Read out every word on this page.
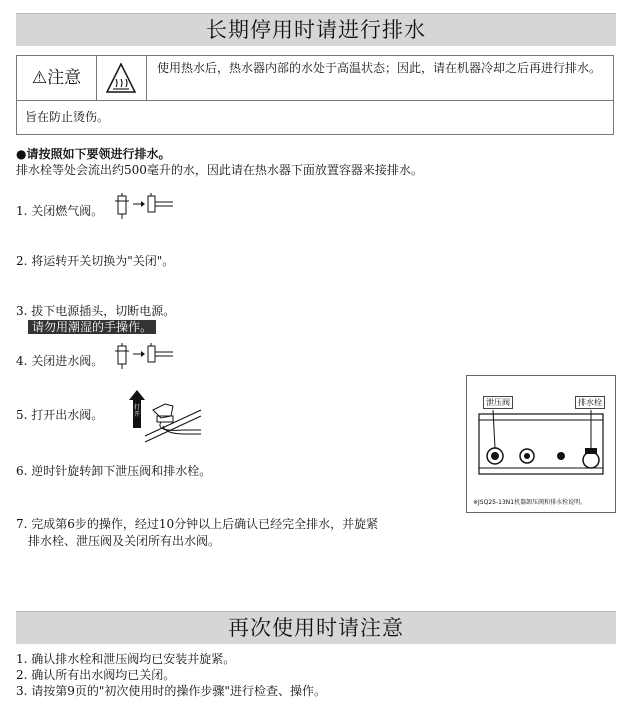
长期停用时请进行排水
⚠注意	使用热水后，热水器内部的水处于高温状态；因此，请在机器冷却之后再进行排水。
旨在防止烫伤。
●请按照如下要领进行排水。
排水栓等处会流出约500毫升的水，因此请在热水器下面放置容器来接排水。
1. 关闭燃气阀。
2. 将运转开关切换为"关闭"。
3. 拔下电源插头，切断电源。
请勿用潮湿的手操作。
4. 关闭进水阀。
5. 打开出水阀。
打开
6. 逆时针旋转卸下泄压阀和排水栓。
7. 完成第6步的操作，经过10分钟以上后确认已经完全排水，并旋紧
排水栓、泄压阀及关闭所有出水阀。
泄压阀	排水栓
※JSQ25-13N1机器卸压阀和排水栓说明。
再次使用时请注意
1. 确认排水栓和泄压阀均已安装并旋紧。
2. 确认所有出水阀均已关闭。
3. 请按第9页的"初次使用时的操作步骤"进行检查、操作。
